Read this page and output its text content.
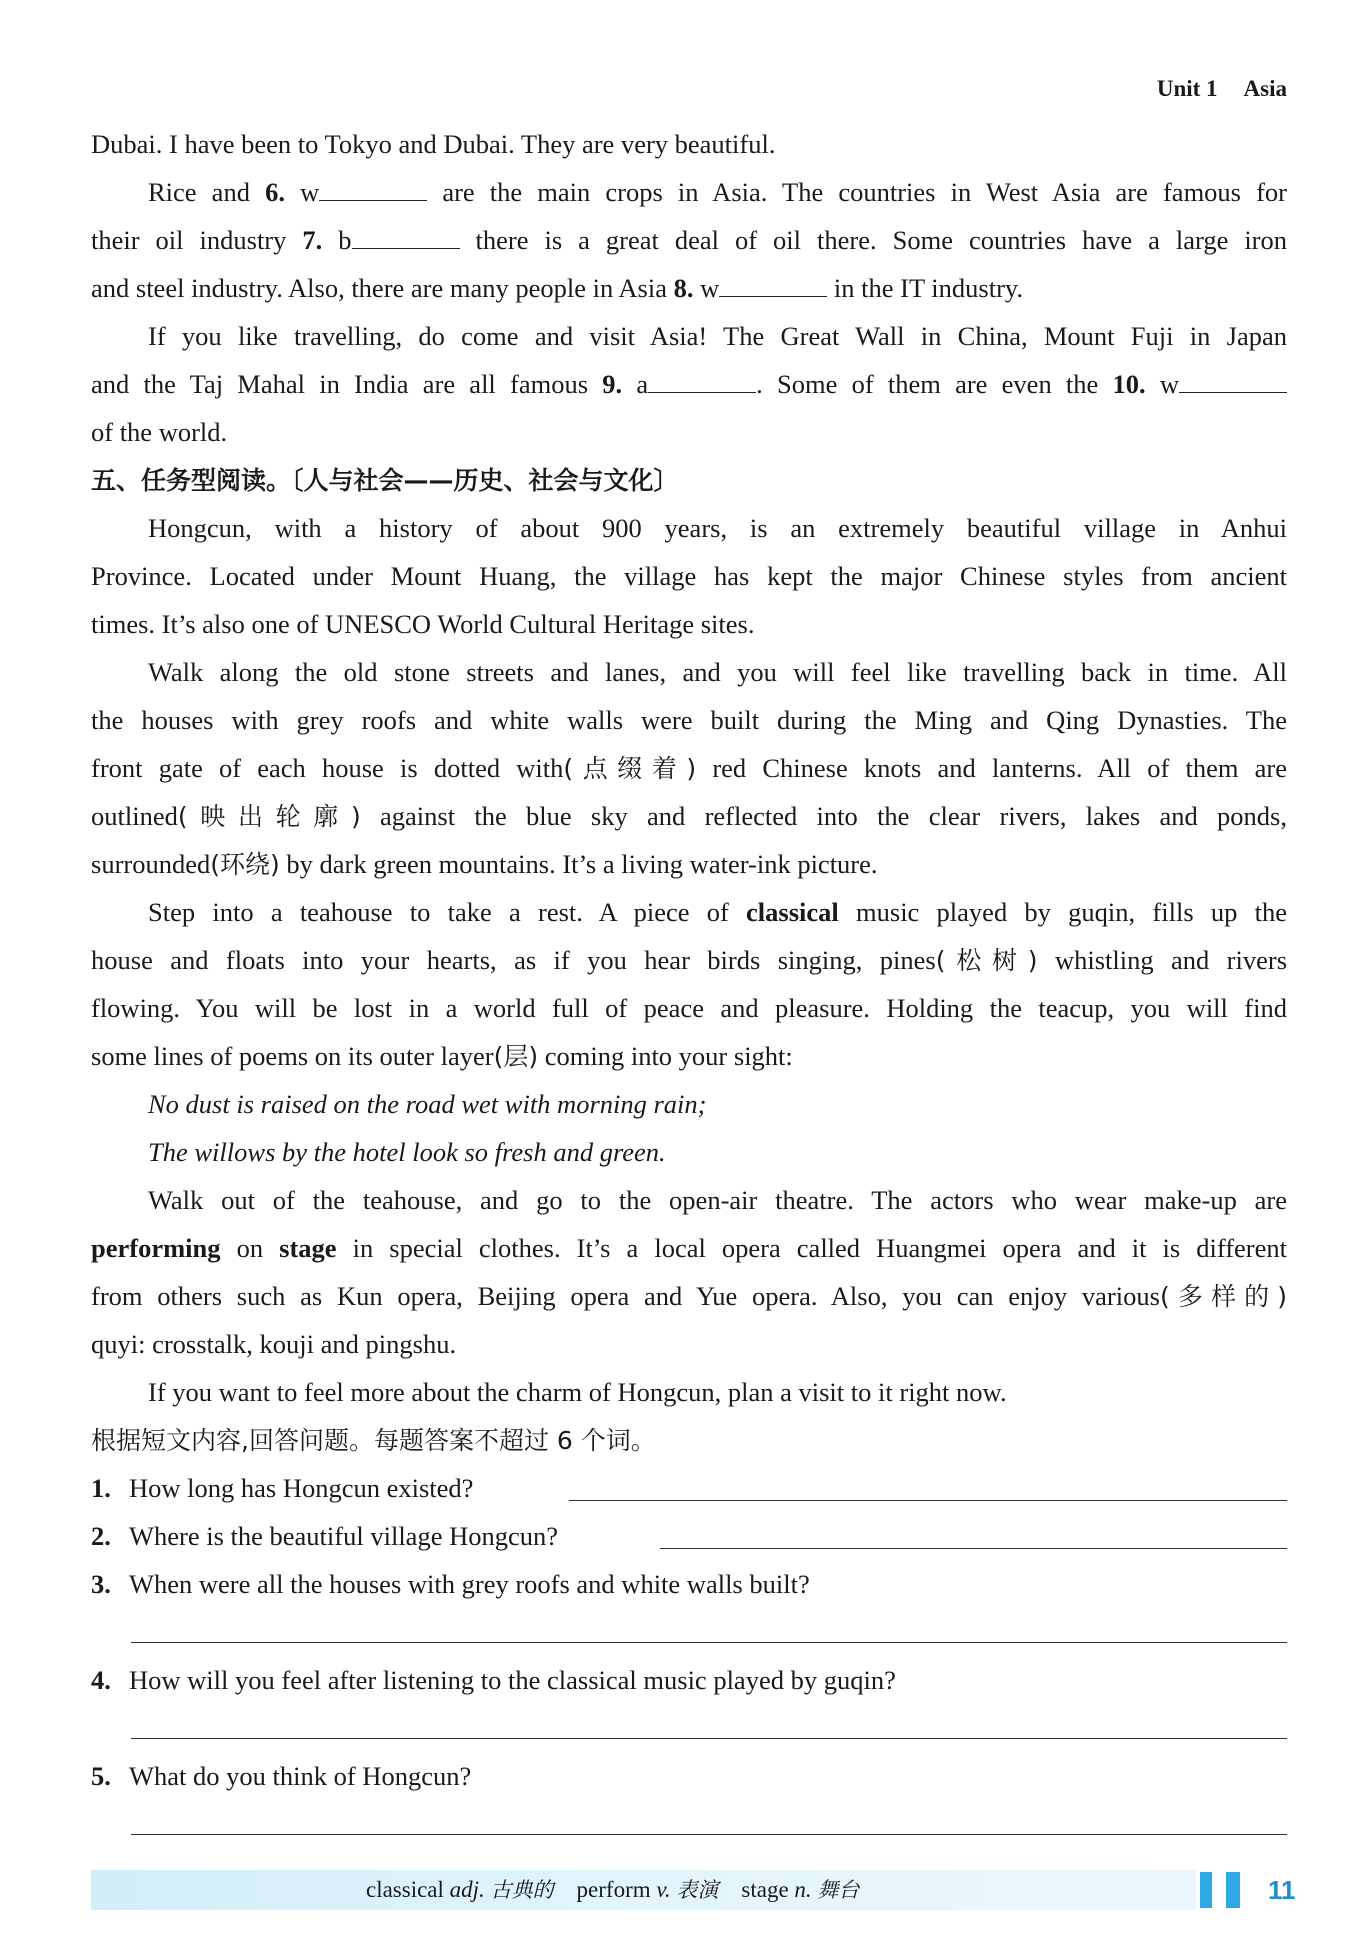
Unit 1 Asia
Dubai. I have been to Tokyo and Dubai. They are very beautiful.
Rice and 6. w	are the main crops in Asia. The countries in West Asia are famous for
their oil industry 7. b	there is a great deal of oil there. Some countries have a large iron
and steel industry. Also, there are many people in Asia 8. w	in the IT industry.
If you like travelling, do come and visit Asia! The Great Wall in China, Mount Fuji in Japan
and the Taj Mahal in India are all famous 9. a	. Some of them are even the 10. w
of the world.
五、任务型阅读。〔人与社会——历史、社会与文化〕
Hongcun, with a history of about 900 years, is an extremely beautiful village in Anhui
Province. Located under Mount Huang, the village has kept the major Chinese styles from ancient
times. It’s also one of UNESCO World Cultural Heritage sites.
Walk along the old stone streets and lanes, and you will feel like travelling back in time. All
the houses with grey roofs and white walls were built during the Ming and Qing Dynasties. The
front gate of each house is dotted with(点缀着) red Chinese knots and lanterns. All of them are
outlined(映出轮廓) against the blue sky and reflected into the clear rivers, lakes and ponds,
surrounded(环绕) by dark green mountains. It’s a living water-ink picture.
Step into a teahouse to take a rest. A piece of classical music played by guqin, fills up the
house and floats into your hearts, as if you hear birds singing, pines(松树) whistling and rivers
flowing. You will be lost in a world full of peace and pleasure. Holding the teacup, you will find
some lines of poems on its outer layer(层) coming into your sight:
No dust is raised on the road wet with morning rain;
The willows by the hotel look so fresh and green.
Walk out of the teahouse, and go to the open-air theatre. The actors who wear make-up are
performing on stage in special clothes. It’s a local opera called Huangmei opera and it is different
from others such as Kun opera, Beijing opera and Yue opera. Also, you can enjoy various(多样的)
quyi: crosstalk, kouji and pingshu.
If you want to feel more about the charm of Hongcun, plan a visit to it right now.
根据短文内容,回答问题。每题答案不超过 6 个词。
1. How long has Hongcun existed?
2. Where is the beautiful village Hongcun?
3. When were all the houses with grey roofs and white walls built?
4. How will you feel after listening to the classical music played by guqin?
5. What do you think of Hongcun?
classical adj. 古典的 perform v. 表演 stage n. 舞台	11
